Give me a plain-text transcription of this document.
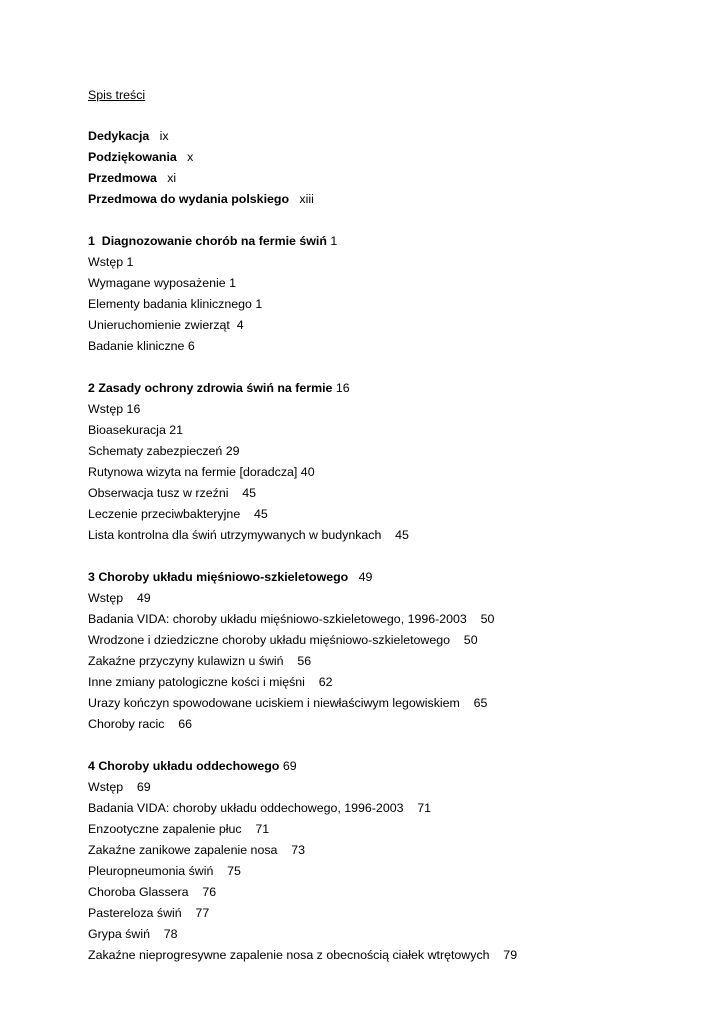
Spis treści
Dedykacja ix
Podziękowania x
Przedmowa xi
Przedmowa do wydania polskiego xiii
1  Diagnozowanie chorób na fermie świń 1
Wstęp 1
Wymagane wyposażenie 1
Elementy badania klinicznego 1
Unieruchomienie zwierząt  4
Badanie kliniczne 6
2 Zasady ochrony zdrowia świń na fermie 16
Wstęp 16
Bioasekuracja 21
Schematy zabezpieczeń 29
Rutynowa wizyta na fermie [doradcza] 40
Obserwacja tusz w rzeźni    45
Leczenie przeciwbakteryjne    45
Lista kontrolna dla świń utrzymywanych w budynkach    45
3 Choroby układu mięśniowo-szkieletowego 49
Wstęp    49
Badania VIDA: choroby układu mięśniowo-szkieletowego, 1996-2003    50
Wrodzone i dziedziczne choroby układu mięśniowo-szkieletowego    50
Zakaźne przyczyny kulawizn u świń    56
Inne zmiany patologiczne kości i mięśni    62
Urazy kończyn spowodowane uciskiem i niewłaściwym legowiskiem    65
Choroby racic    66
4 Choroby układu oddechowego 69
Wstęp    69
Badania VIDA: choroby układu oddechowego, 1996-2003    71
Enzootyczne zapalenie płuc    71
Zakaźne zanikowe zapalenie nosa    73
Pleuropneumonia świń    75
Choroba Glassera    76
Pastereloza świń    77
Grypa świń    78
Zakaźne nieprogresywne zapalenie nosa z obecnością ciałek wtrętowych    79
